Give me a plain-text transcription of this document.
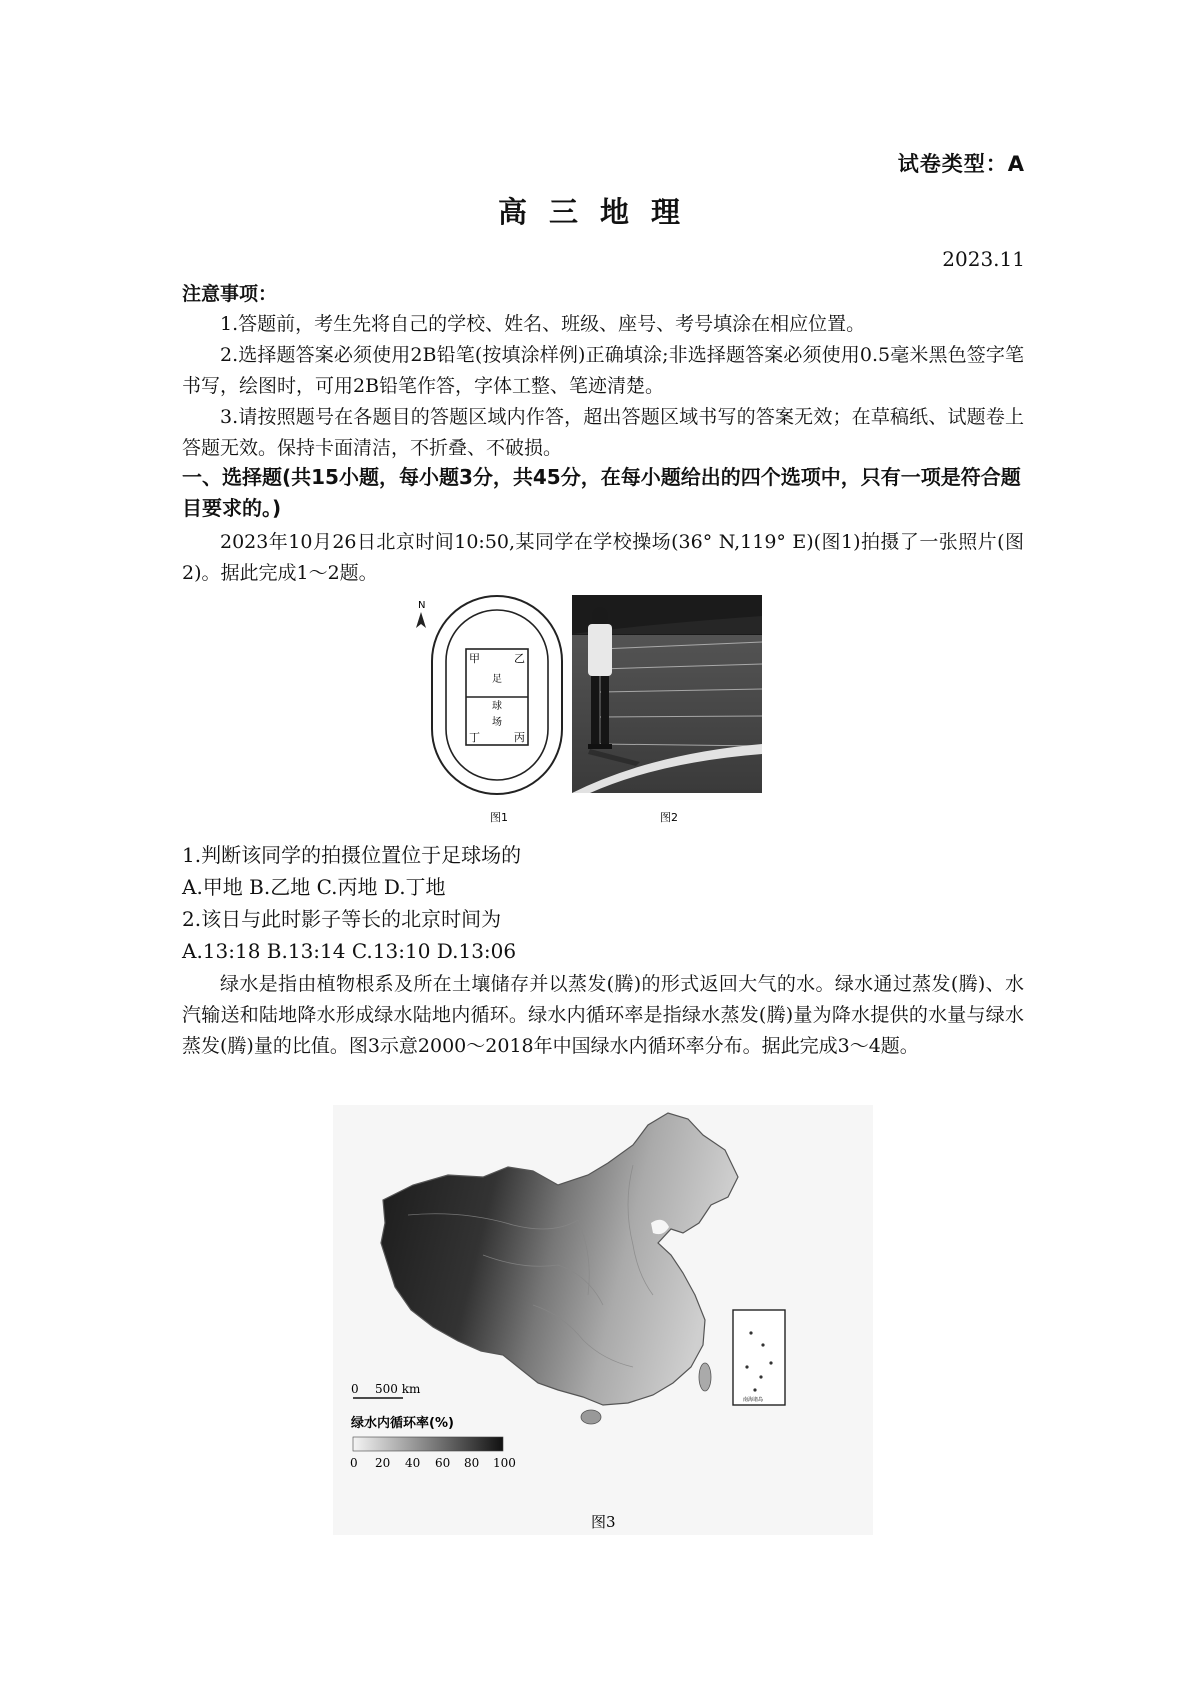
试卷类型：A
高三地理
2023.11
注意事项：

1.答题前，考生先将自己的学校、姓名、班级、座号、考号填涂在相应位置。

2.选择题答案必须使用2B铅笔(按填涂样例)正确填涂;非选择题答案必须使用0.5毫米黑色签字笔书写，绘图时，可用2B铅笔作答，字体工整、笔迹清楚。

3.请按照题号在各题目的答题区域内作答，超出答题区域书写的答案无效；在草稿纸、试题卷上答题无效。保持卡面清洁，不折叠、不破损。

一、选择题(共15小题，每小题3分，共45分，在每小题给出的四个选项中，只有一项是符合题目要求的。)

2023年10月26日北京时间10:50,某同学在学校操场(36° N,119° E)(图1)拍摄了一张照片(图2)。据此完成1～2题。

N
甲	乙
丙
丁
足
球
场
图1	图2
1.判断该同学的拍摄位置位于足球场的
A.甲地 B.乙地 C.丙地 D.丁地
2.该日与此时影子等长的北京时间为
A.13:18 B.13:14 C.13:10 D.13:06

绿水是指由植物根系及所在土壤储存并以蒸发(腾)的形式返回大气的水。绿水通过蒸发(腾)、水汽输送和陆地降水形成绿水陆地内循环。绿水内循环率是指绿水蒸发(腾)量为降水提供的水量与绿水蒸发(腾)量的比值。图3示意2000～2018年中国绿水内循环率分布。据此完成3～4题。

南海诸岛
0 500 km
绿水内循环率(%)
0 20 40 60 80 100
图3
